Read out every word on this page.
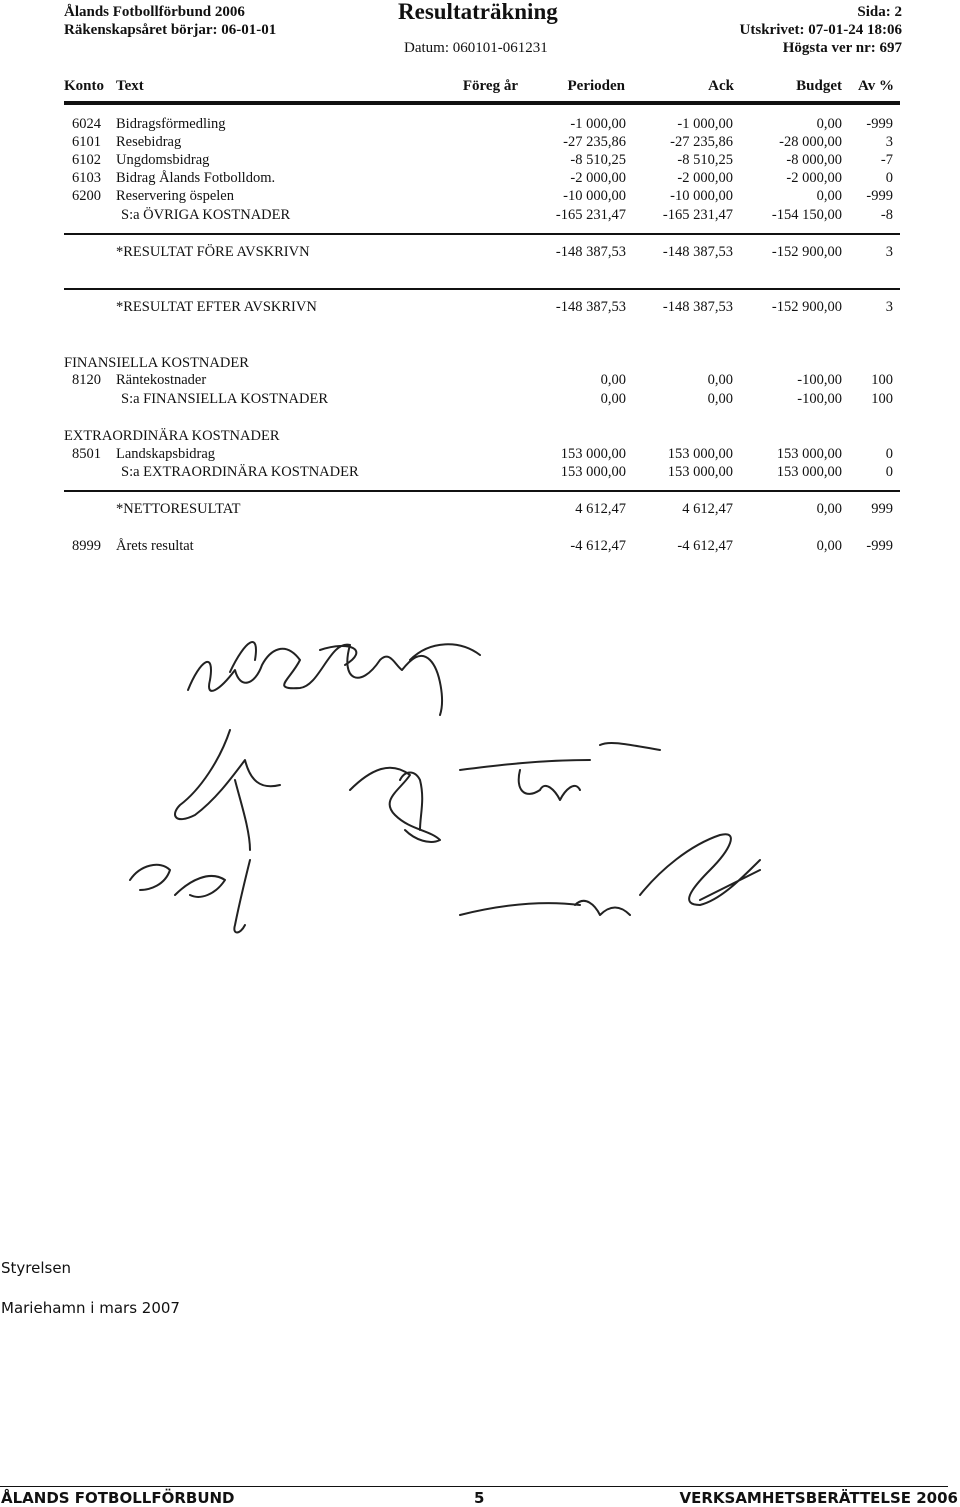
Ålands Fotbollförbund 2006
Räkenskapsåret börjar: 06-01-01
Resultaträkning
Datum: 060101-061231
Sida: 2
Utskrivet: 07-01-24 18:06
Högsta ver nr: 697
Konto Text	Föreg år	Perioden	Ack	Budget Av %
6024 Bidragsförmedling	-1 000,00	-1 000,00	0,00 -999
6101 Resebidrag	-27 235,86	-27 235,86	-28 000,00	3
6102 Ungdomsbidrag	-8 510,25	-8 510,25	-8 000,00	-7
6103 Bidrag Ålands Fotbolldom.	-2 000,00	-2 000,00	-2 000,00	0
6200 Reservering öspelen	-10 000,00	-10 000,00	0,00 -999
S:a ÖVRIGA KOSTNADER	-165 231,47	-165 231,47	-154 150,00	-8
*RESULTAT FÖRE AVSKRIVN	-148 387,53	-148 387,53	-152 900,00	3
*RESULTAT EFTER AVSKRIVN	-148 387,53	-148 387,53	-152 900,00	3
FINANSIELLA KOSTNADER
8120 Räntekostnader	0,00	0,00	-100,00 100
S:a FINANSIELLA KOSTNADER	0,00	0,00	-100,00 100
EXTRAORDINÄRA KOSTNADER
8501 Landskapsbidrag	153 000,00	153 000,00	153 000,00	0
S:a EXTRAORDINÄRA KOSTNADER	153 000,00	153 000,00	153 000,00	0
*NETTORESULTAT	4 612,47	4 612,47	0,00 999
8999 Årets resultat	-4 612,47	-4 612,47	0,00 -999
Styrelsen
Mariehamn i mars 2007
ÅLANDS FOTBOLLFÖRBUND	5	VERKSAMHETSBERÄTTELSE 2006
